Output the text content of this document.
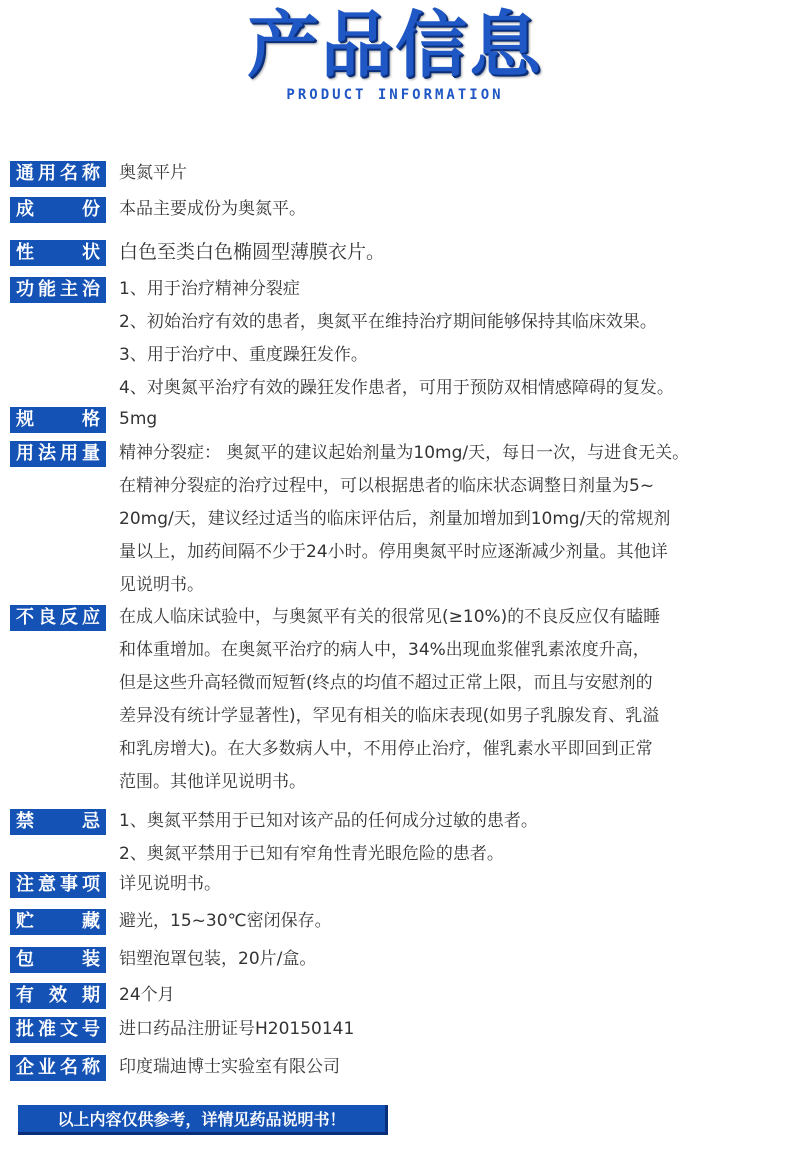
产品信息
PRODUCT INFORMATION
通用名称	奥氮平片

成份	本品主要成份为奥氮平。

性状	白色至类白色椭圆型薄膜衣片。

功能主治	1、用于治疗精神分裂症

2、初始治疗有效的患者，奥氮平在维持治疗期间能够保持其临床效果。

3、用于治疗中、重度躁狂发作。

4、对奥氮平治疗有效的躁狂发作患者，可用于预防双相情感障碍的复发。

规格	5mg

用法用量	精神分裂症： 奥氮平的建议起始剂量为10mg/天，每日一次，与进食无关。

在精神分裂症的治疗过程中，可以根据患者的临床状态调整日剂量为5~

20mg/天，建议经过适当的临床评估后，剂量加增加到10mg/天的常规剂

量以上，加药间隔不少于24小时。停用奥氮平时应逐渐减少剂量。其他详

见说明书。

不良反应	在成人临床试验中，与奥氮平有关的很常见(≥10%)的不良反应仅有瞌睡

和体重增加。在奥氮平治疗的病人中，34%出现血浆催乳素浓度升高，

但是这些升高轻微而短暂(终点的均值不超过正常上限，而且与安慰剂的

差异没有统计学显著性)，罕见有相关的临床表现(如男子乳腺发育、乳溢

和乳房增大)。在大多数病人中，不用停止治疗，催乳素水平即回到正常

范围。其他详见说明书。

禁忌	1、奥氮平禁用于已知对该产品的任何成分过敏的患者。

2、奥氮平禁用于已知有窄角性青光眼危险的患者。

注意事项	详见说明书。

贮藏	避光，15~30℃密闭保存。

包装	铝塑泡罩包装，20片/盒。

有效期	24个月

批准文号	进口药品注册证号H20150141

企业名称	印度瑞迪博士实验室有限公司

以上内容仅供参考，详情见药品说明书！
